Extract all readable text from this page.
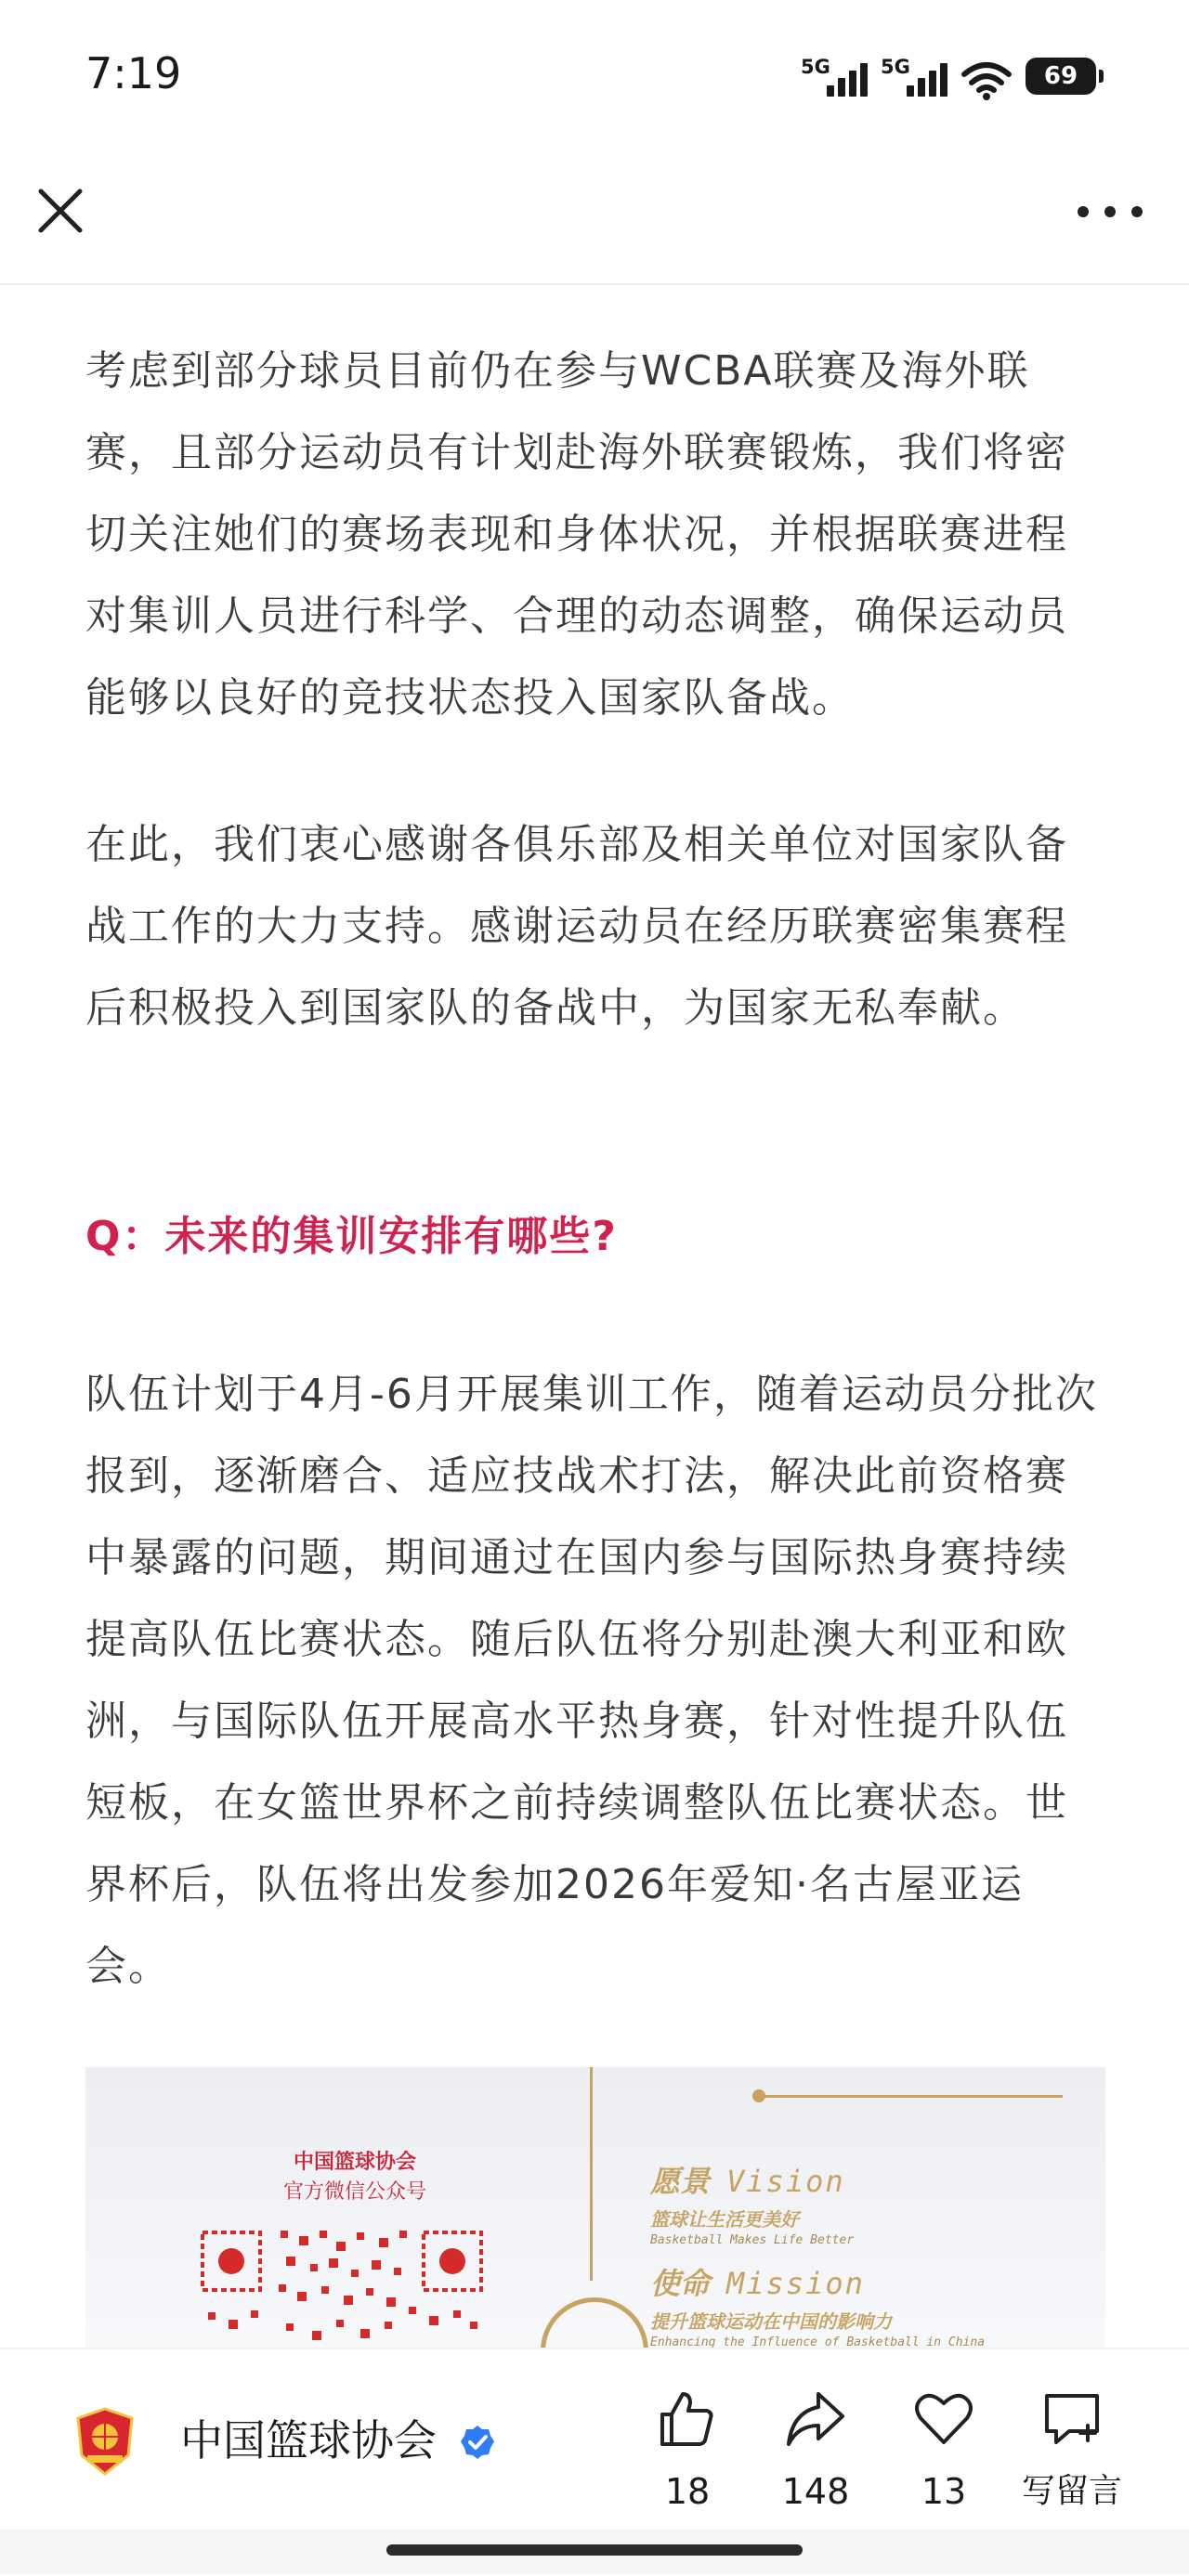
7:19	5G	5G	69

考虑到部分球员目前仍在参与WCBA联赛及海外联赛，且部分运动员有计划赴海外联赛锻炼，我们将密切关注她们的赛场表现和身体状况，并根据联赛进程对集训人员进行科学、合理的动态调整，确保运动员能够以良好的竞技状态投入国家队备战。

在此，我们衷心感谢各俱乐部及相关单位对国家队备战工作的大力支持。感谢运动员在经历联赛密集赛程后积极投入到国家队的备战中，为国家无私奉献。

Q：未来的集训安排有哪些?

队伍计划于4月-6月开展集训工作，随着运动员分批次报到，逐渐磨合、适应技战术打法，解决此前资格赛中暴露的问题，期间通过在国内参与国际热身赛持续提高队伍比赛状态。随后队伍将分别赴澳大利亚和欧洲，与国际队伍开展高水平热身赛，针对性提升队伍短板，在女篮世界杯之前持续调整队伍比赛状态。世界杯后，队伍将出发参加2026年爱知·名古屋亚运会。

中国篮球协会
官方微信公众号	愿景 Vision
篮球让生活更美好
Basketball Makes Life Better
使命 Mission
提升篮球运动在中国的影响力
Enhancing the Influence of Basketball in China
中国篮球协会
18	148	13	写留言
